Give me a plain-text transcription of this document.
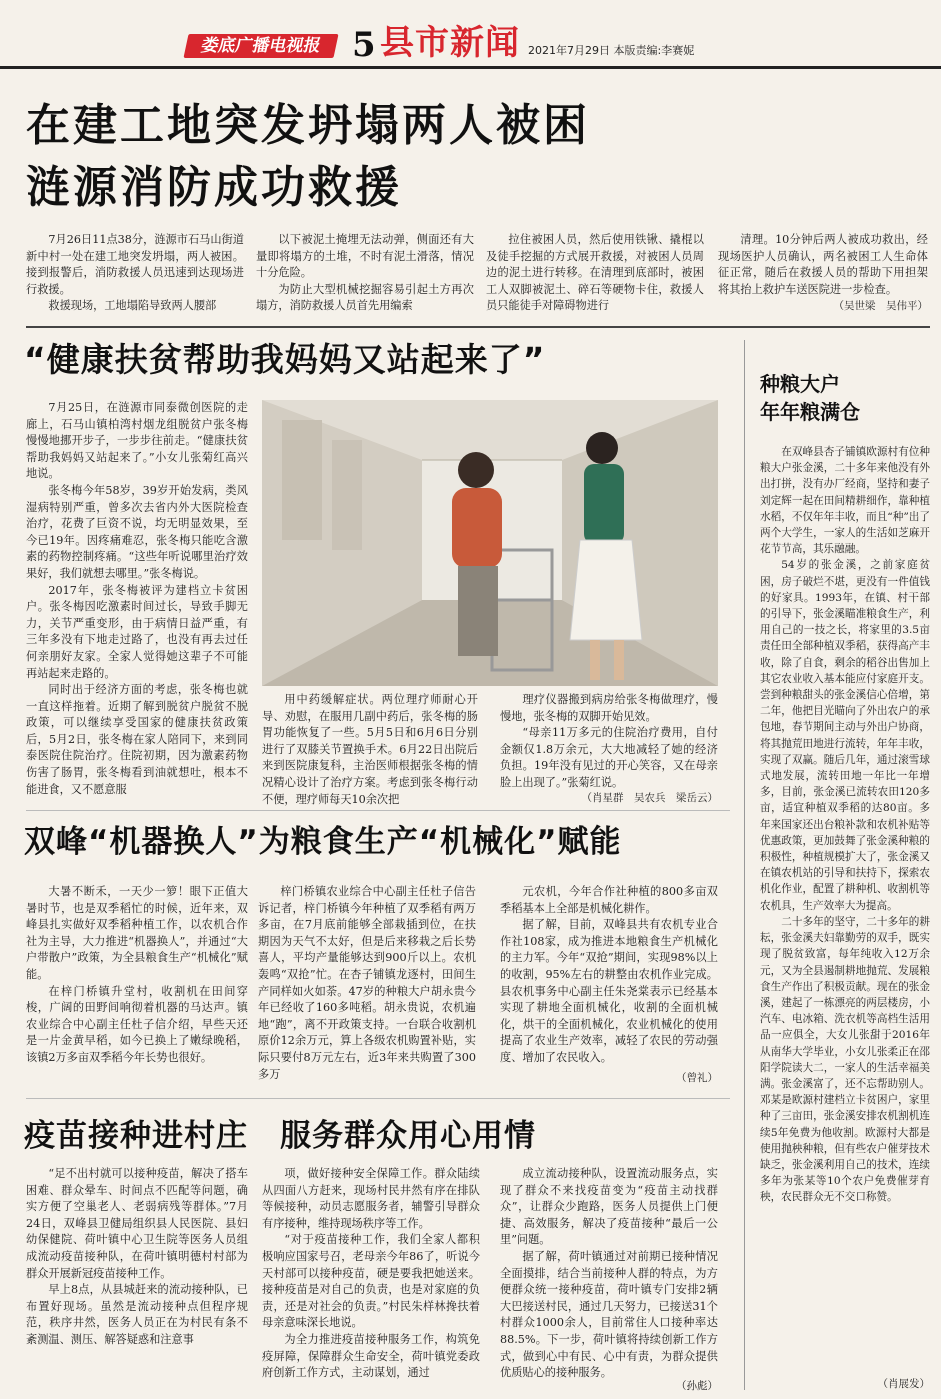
娄底广播电视报 5 县市新闻 2021年7月29日 本版责编:李赛妮
在建工地突发坍塌两人被困
涟源消防成功救援

7月26日11点38分，涟源市石马山街道新中村一处在建工地突发坍塌，两人被困。接到报警后，消防救援人员迅速到达现场进行救援。

救援现场，工地塌陷导致两人腰部

以下被泥土掩埋无法动弹，侧面还有大量即将塌方的土堆，不时有泥土滑落，情况十分危险。

为防止大型机械挖掘容易引起土方再次塌方，消防救援人员首先用编索

拉住被困人员，然后使用铁锹、撬棍以及徒手挖掘的方式展开救援，对被困人员周边的泥土进行转移。在清理到底部时，被困工人双脚被泥土、碎石等硬物卡住，救援人员只能徒手对障碍物进行

清理。10分钟后两人被成功救出，经现场医护人员确认，两名被困工人生命体征正常，随后在救援人员的帮助下用担架将其抬上救护车送医院进一步检查。

（吴世梁　吴伟平）
“健康扶贫帮助我妈妈又站起来了”

7月25日，在涟源市同泰微创医院的走廊上，石马山镇柏湾村烟龙组脱贫户张冬梅慢慢地挪开步子，一步步往前走。“健康扶贫帮助我妈妈又站起来了。”小女儿张菊红高兴地说。

张冬梅今年58岁，39岁开始发病，类风湿病特别严重，曾多次去省内外大医院检查治疗，花费了巨资不说，均无明显效果，至今已19年。因疼痛难忍，张冬梅只能吃含激素的药物控制疼痛。“这些年听说哪里治疗效果好，我们就想去哪里。”张冬梅说。

2017年，张冬梅被评为建档立卡贫困户。张冬梅因吃激素时间过长，导致手脚无力，关节严重变形，由于病情日益严重，有三年多没有下地走过路了，也没有再去过任何亲朋好友家。全家人觉得她这辈子不可能再站起来走路的。

同时出于经济方面的考虑，张冬梅也就一直这样拖着。近期了解到脱贫户脱贫不脱政策，可以继续享受国家的健康扶贫政策后，5月2日，张冬梅在家人陪同下，来到同泰医院住院治疗。住院初期，因为激素药物伤害了肠胃，张冬梅看到油就想吐，根本不能进食，又不愿意服

用中药缓解症状。两位理疗师耐心开导、劝慰，在服用几副中药后，张冬梅的肠胃功能恢复了一些。5月5日和6月6日分别进行了双膝关节置换手术。6月22日出院后来到医院康复科，主治医师根据张冬梅的情况精心设计了治疗方案。考虑到张冬梅行动不便，理疗师每天10余次把

理疗仪器搬到病房给张冬梅做理疗，慢慢地，张冬梅的双脚开始见效。

“母亲11万多元的住院治疗费用，自付金额仅1.8万余元，大大地减轻了她的经济负担。19年没有见过的开心笑容，又在母亲脸上出现了。”张菊红说。

（肖星群　吴农兵　梁岳云）
双峰“机器换人”为粮食生产“机械化”赋能

大暑不断禾，一天少一箩！眼下正值大暑时节，也是双季稻忙的时候，近年来，双峰县扎实做好双季稻种植工作，以农机合作社为主导，大力推进“机器换人”，并通过“大户带散户”政策，为全县粮食生产“机械化”赋能。

在梓门桥镇升堂村，收割机在田间穿梭，广阔的田野间响彻着机器的马达声。镇农业综合中心副主任杜子信介绍，早些天还是一片金黄早稻，如今已换上了嫩绿晚稻，该镇2万多亩双季稻今年长势也很好。

梓门桥镇农业综合中心副主任杜子信告诉记者，梓门桥镇今年种植了双季稻有两万多亩，在7月底前能够全部栽插到位，在扶期因为天气不太好，但是后来移栽之后长势喜人，平均产量能够达到900斤以上。农机轰鸣“双抢”忙。在杏子铺镇龙逐村，田间生产同样如火如荼。47岁的种粮大户胡永贵今年已经收了160多吨稻。胡永贵说，农机遍地“跑”，离不开政策支持。一台联合收割机原价12余万元，算上各级农机购置补贴，实际只要付8万元左右，近3年来共购置了300多万

元农机，今年合作社种植的800多亩双季稻基本上全部是机械化耕作。

据了解，目前，双峰县共有农机专业合作社108家，成为推进本地粮食生产机械化的主力军。今年“双抢”期间，实现98%以上的收割，95%左右的耕整由农机作业完成。县农机事务中心副主任朱尧棠表示已经基本实现了耕地全面机械化，收割的全面机械化，烘干的全面机械化，农业机械化的使用提高了农业生产效率，减轻了农民的劳动强度、增加了农民收入。

（曾礼）
疫苗接种进村庄　服务群众用心用情

“足不出村就可以接种疫苗，解决了搭车困难、群众晕车、时间点不匹配等问题，确实方便了空巢老人、老弱病残等群体。”7月24日，双峰县卫健局组织县人民医院、县妇幼保健院、荷叶镇中心卫生院等医务人员组成流动疫苗接种队，在荷叶镇明德村村部为群众开展新冠疫苗接种工作。

早上8点，从县城赶来的流动接种队，已布置好现场。虽然是流动接种点但程序规范，秩序井然，医务人员正在为村民有条不紊测温、测压、解答疑惑和注意事

项，做好接种安全保障工作。群众陆续从四面八方赶来，现场村民井然有序在排队等候接种，动员志愿服务者，辅警引导群众有序接种，维持现场秩序等工作。

“对于疫苗接种工作，我们全家人都积极响应国家号召，老母亲今年86了，听说今天村部可以接种疫苗，硬是要我把她送来。接种疫苗是对自己的负责，也是对家庭的负责，还是对社会的负责。”村民朱样林搀扶着母亲意味深长地说。

为全力推进疫苗接种服务工作，构筑免疫屏障，保障群众生命安全，荷叶镇党委政府创新工作方式，主动谋划，通过

成立流动接种队，设置流动服务点，实现了群众不来找疫苗变为“疫苗主动找群众”，让群众少跑路，医务人员提供上门便捷、高效服务，解决了疫苗接种“最后一公里”问题。

据了解，荷叶镇通过对前期已接种情况全面摸排，结合当前接种人群的特点，为方便群众统一接种疫苗，荷叶镇专门安排2辆大巴接送村民，通过几天努力，已接送31个村群众1000余人，目前常住人口接种率达88.5%。下一步，荷叶镇将持续创新工作方式，做到心中有民、心中有责，为群众提供优质贴心的接种服务。

（孙彪）
种粮大户
年年粮满仓

在双峰县杏子铺镇欧源村有位种粮大户张金溪，二十多年来他没有外出打拼，没有办厂经商，坚持和妻子刘定辉一起在田间精耕细作，靠种植水稻，不仅年年丰收，而且“种”出了两个大学生，一家人的生活如芝麻开花节节高，其乐融融。

54岁的张金溪，之前家庭贫困，房子破烂不堪，更没有一件值钱的好家具。1993年，在镇、村干部的引导下，张金溪瞄准粮食生产，利用自己的一技之长，将家里的3.5亩责任田全部种植双季稻，获得高产丰收，除了自食，剩余的稻谷出售加上其它农业收入基本能应付家庭开支。尝到种粮甜头的张金溪信心倍增，第二年，他把目光瞄向了外出农户的承包地，春节期间主动与外出户协商，将其抛荒田地进行流转，年年丰收，实现了双赢。随后几年，通过滚雪球式地发展，流转田地一年比一年增多，目前，张金溪已流转农田120多亩，适宜种植双季稻的达80亩。多年来国家还出台粮补款和农机补贴等优惠政策，更加鼓舞了张金溪种粮的积极性，种植规模扩大了，张金溪又在镇农机站的引导和扶持下，探索农机化作业，配置了耕种机、收割机等农机具，生产效率大为提高。

二十多年的坚守，二十多年的耕耘，张金溪夫妇靠勤劳的双手，既实现了脱贫致富，每年纯收入12万余元，又为全县遏制耕地抛荒、发展粮食生产作出了积极贡献。现在的张金溪，建起了一栋漂亮的两层楼房，小汽车、电冰箱、洗衣机等高档生活用品一应俱全，大女儿张甜于2016年从南华大学毕业，小女儿张柔正在邵阳学院读大二，一家人的生活幸福美满。张金溪富了，还不忘帮助别人。邓某是欧源村建档立卡贫困户，家里种了三亩田，张金溪安排农机割机连续5年免费为他收割。欧源村大都是使用抛秧种粮，但有些农户催芽技术缺乏，张金溪利用自己的技术，连续多年为张某等10个农户免费催芽育秧，农民群众无不交口称赞。

（肖展发）
